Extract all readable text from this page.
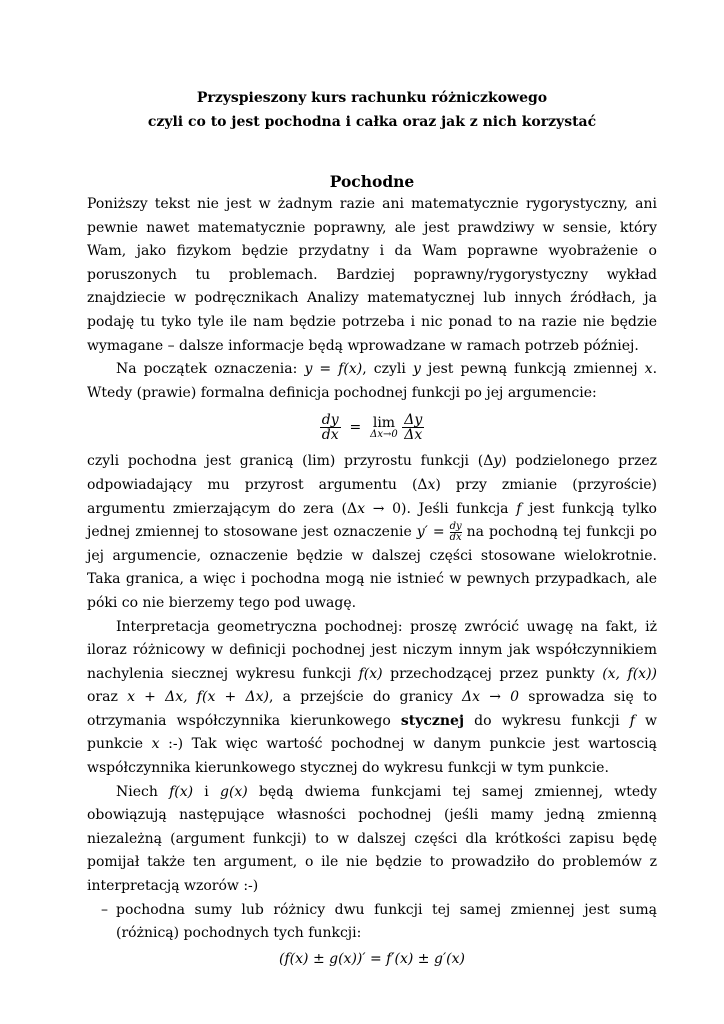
Przyspieszony kurs rachunku różniczkowego
czyli co to jest pochodna i całka oraz jak z nich korzystać
Pochodne

Poniższy tekst nie jest w żadnym razie ani matematycznie rygorystyczny, ani pewnie nawet matematycznie poprawny, ale jest prawdziwy w sensie, który Wam, jako fizykom będzie przydatny i da Wam poprawne wyobrażenie o poruszonych tu problemach. Bardziej poprawny/rygorystyczny wykład znajdziecie w podręcznikach Analizy matematycznej lub innych źródłach, ja podaję tu tyko tyle ile nam będzie potrzeba i nic ponad to na razie nie będzie wymagane – dalsze informacje będą wprowadzane w ramach potrzeb później.

Na początek oznaczenia: y = f(x), czyli y jest pewną funkcją zmiennej x. Wtedy (prawie) formalna definicja pochodnej funkcji po jej argumencie:

$\frac{dy}{dx} = \lim$
Δx→0
$\frac{\Delta y}{\Delta x}$

czyli pochodna jest granicą (lim) przyrostu funkcji (Δy) podzielonego przez odpowiadający mu przyrost argumentu (Δx) przy zmianie (przyroście) argumentu zmierzającym do zera (Δx → 0). Jeśli funkcja f jest funkcją tylko jednej zmiennej to stosowane jest oznaczenie $y' = \frac{dy}{dx}$ na pochodną tej funkcji po jej argumencie, oznaczenie będzie w dalszej części stosowane wielokrotnie. Taka granica, a więc i pochodna mogą nie istnieć w pewnych przypadkach, ale póki co nie bierzemy tego pod uwagę.

Interpretacja geometryczna pochodnej: proszę zwrócić uwagę na fakt, iż iloraz różnicowy w definicji pochodnej jest niczym innym jak współczynnikiem nachylenia siecznej wykresu funkcji f(x) przechodzącej przez punkty (x, f(x)) oraz x + Δx, f(x + Δx), a przejście do granicy Δx → 0 sprowadza się to otrzymania współczynnika kierunkowego stycznej do wykresu funkcji f w punkcie x :-) Tak więc wartość pochodnej w danym punkcie jest wartoscią współczynnika kierunkowego stycznej do wykresu funkcji w tym punkcie.

Niech f(x) i g(x) będą dwiema funkcjami tej samej zmiennej, wtedy obowiązują następujące własności pochodnej (jeśli mamy jedną zmienną niezależną (argument funkcji) to w dalszej części dla krótkości zapisu będę pomijał także ten argument, o ile nie będzie to prowadziło do problemów z interpretacją wzorów :-)

– pochodna sumy lub różnicy dwu funkcji tej samej zmiennej jest sumą (różnicą) pochodnych tych funkcji:
(f(x) ± g(x))′ = f′(x) ± g′(x)
